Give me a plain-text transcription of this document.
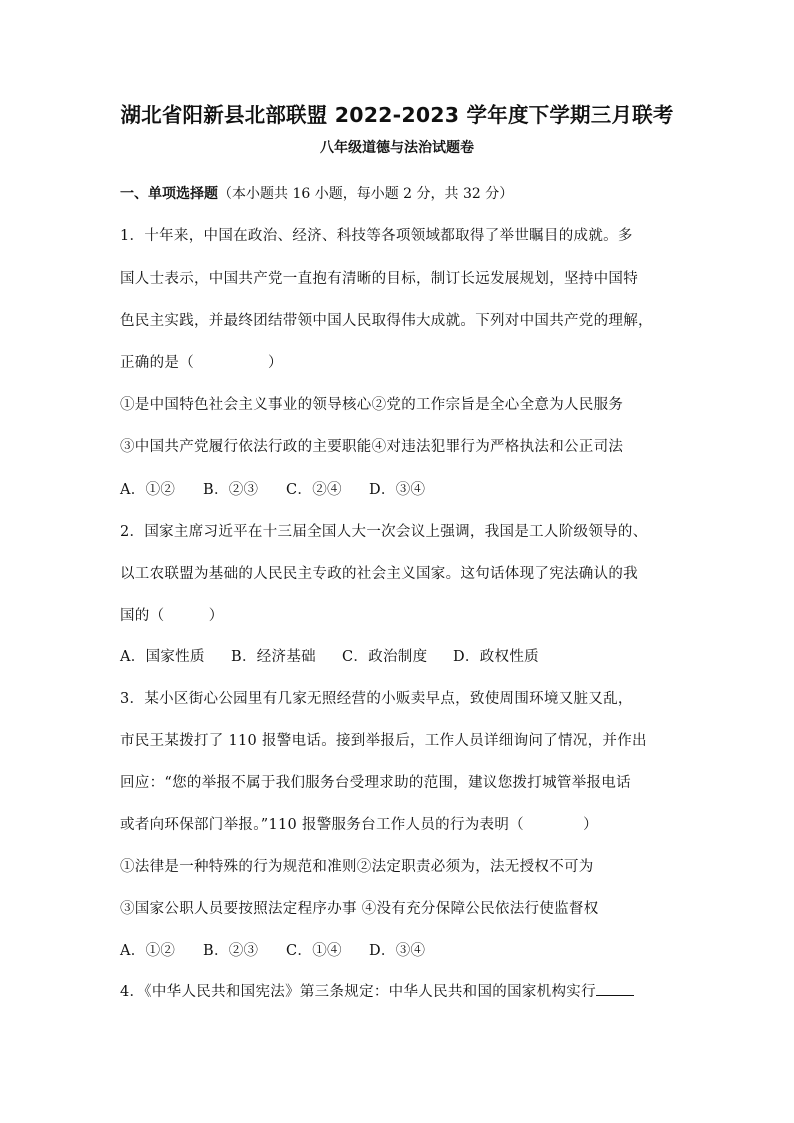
湖北省阳新县北部联盟 2022-2023 学年度下学期三月联考
八年级道德与法治试题卷
一、单项选择题（本小题共 16 小题，每小题 2 分，共 32 分）
1．十年来，中国在政治、经济、科技等各项领域都取得了举世瞩目的成就。多
国人士表示，中国共产党一直抱有清晰的目标，制订长远发展规划，坚持中国特
色民主实践，并最终团结带领中国人民取得伟大成就。下列对中国共产党的理解，
正确的是（　　　　　）
①是中国特色社会主义事业的领导核心②党的工作宗旨是全心全意为人民服务
③中国共产党履行依法行政的主要职能④对违法犯罪行为严格执法和公正司法
A．①② B．②③ C．②④ D．③④
2．国家主席习近平在十三届全国人大一次会议上强调，我国是工人阶级领导的、
以工农联盟为基础的人民民主专政的社会主义国家。这句话体现了宪法确认的我
国的（　　　）
A．国家性质 B．经济基础 C．政治制度 D．政权性质
3．某小区街心公园里有几家无照经营的小贩卖早点，致使周围环境又脏又乱，
市民王某拨打了 110 报警电话。接到举报后，工作人员详细询问了情况，并作出
回应：“您的举报不属于我们服务台受理求助的范围，建议您拨打城管举报电话
或者向环保部门举报。”110 报警服务台工作人员的行为表明（　　　　）
①法律是一种特殊的行为规范和准则②法定职责必须为，法无授权不可为
③国家公职人员要按照法定程序办事 ④没有充分保障公民依法行使监督权
A．①② B．②③ C．①④ D．③④
4．《中华人民共和国宪法》第三条规定：中华人民共和国的国家机构实行
